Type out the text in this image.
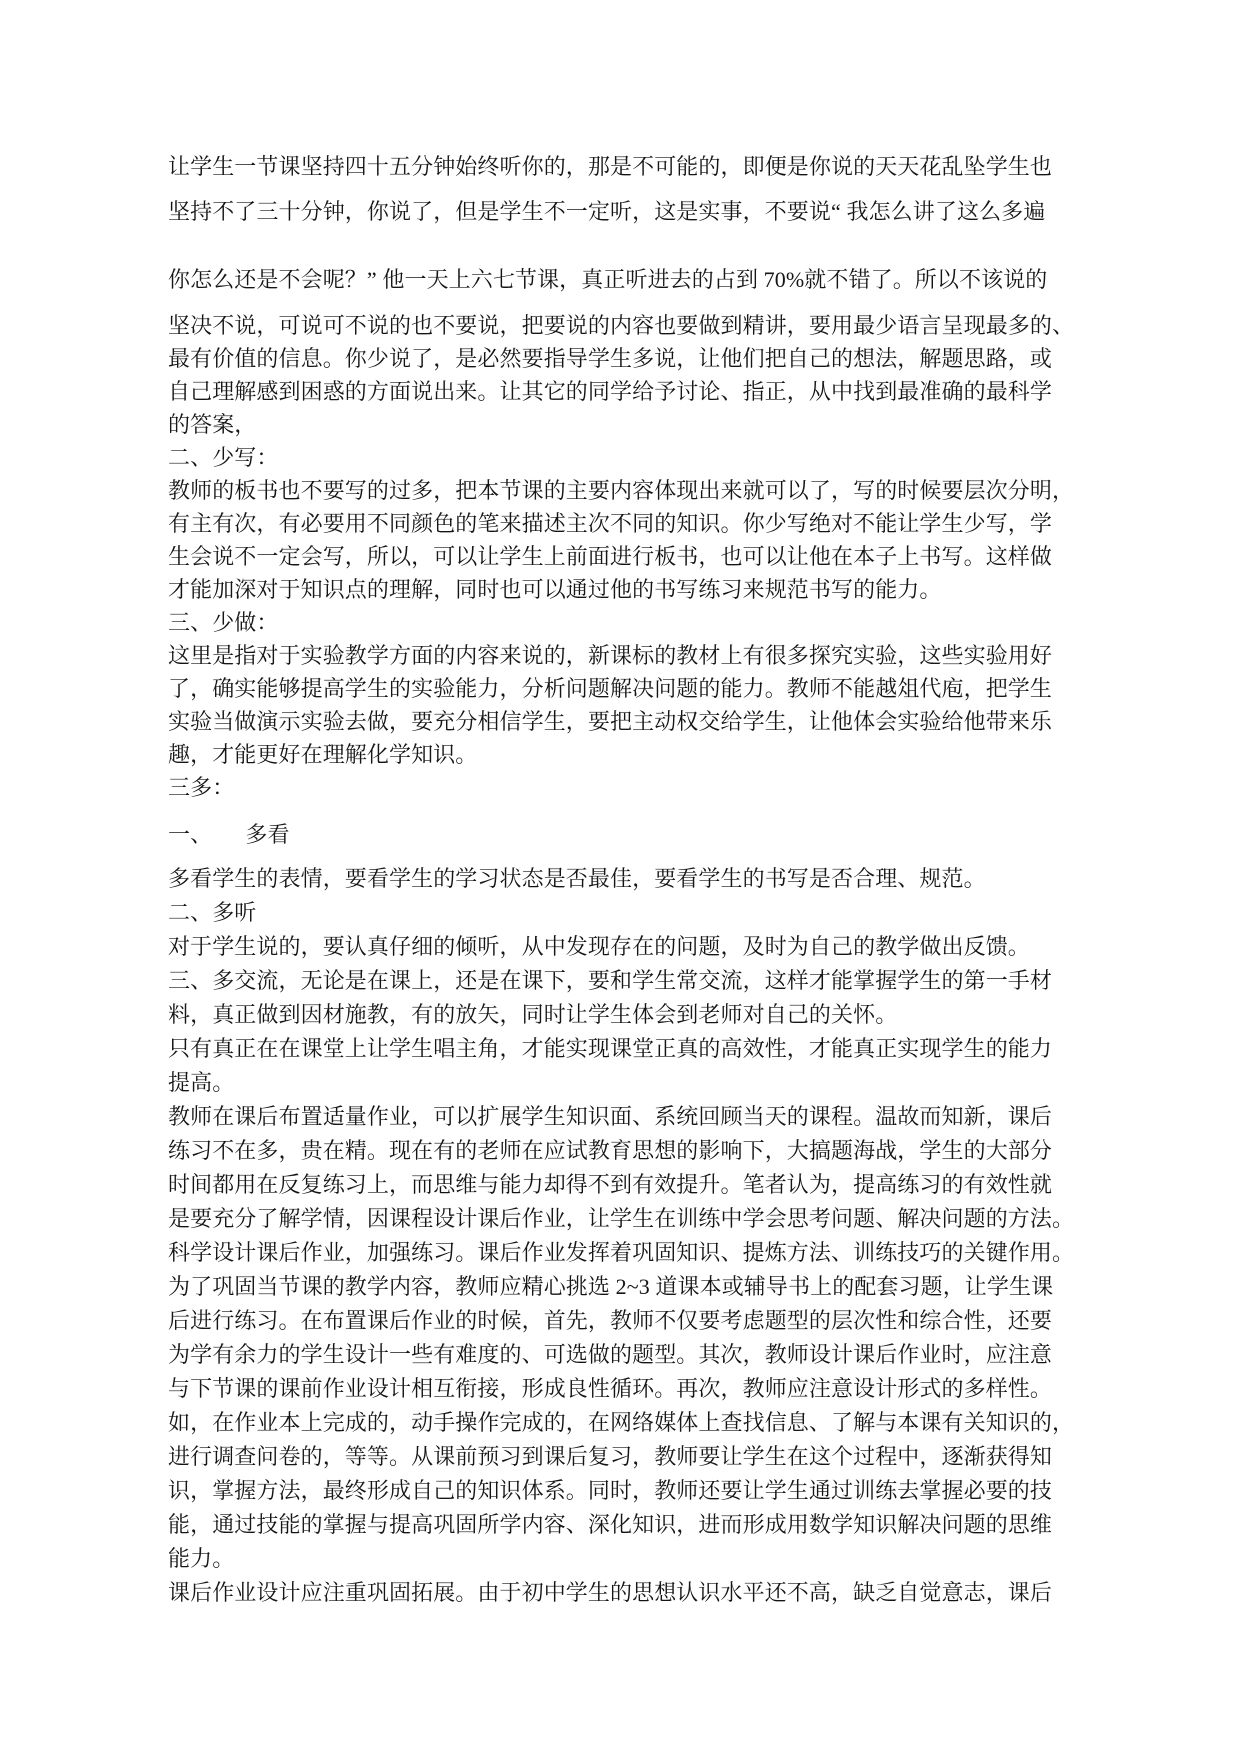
让学生一节课坚持四十五分钟始终听你的，那是不可能的，即便是你说的天天花乱坠学生也
坚持不了三十分钟，你说了，但是学生不一定听，这是实事，不要说“ 我怎么讲了这么多遍
你怎么还是不会呢？” 他一天上六七节课，真正听进去的占到 70%就不错了。所以不该说的
坚决不说，可说可不说的也不要说，把要说的内容也要做到精讲，要用最少语言呈现最多的、
最有价值的信息。你少说了，是必然要指导学生多说，让他们把自己的想法，解题思路，或
自己理解感到困惑的方面说出来。让其它的同学给予讨论、指正，从中找到最准确的最科学
的答案，
二、少写：
教师的板书也不要写的过多，把本节课的主要内容体现出来就可以了，写的时候要层次分明，
有主有次，有必要用不同颜色的笔来描述主次不同的知识。你少写绝对不能让学生少写，学
生会说不一定会写，所以，可以让学生上前面进行板书，也可以让他在本子上书写。这样做
才能加深对于知识点的理解，同时也可以通过他的书写练习来规范书写的能力。
三、少做：
这里是指对于实验教学方面的内容来说的，新课标的教材上有很多探究实验，这些实验用好
了，确实能够提高学生的实验能力，分析问题解决问题的能力。教师不能越俎代庖，把学生
实验当做演示实验去做，要充分相信学生，要把主动权交给学生，让他体会实验给他带来乐
趣，才能更好在理解化学知识。
三多：
一、　　多看
多看学生的表情，要看学生的学习状态是否最佳，要看学生的书写是否合理、规范。
二、多听
对于学生说的，要认真仔细的倾听，从中发现存在的问题，及时为自己的教学做出反馈。
三、多交流，无论是在课上，还是在课下，要和学生常交流，这样才能掌握学生的第一手材
料，真正做到因材施教，有的放矢，同时让学生体会到老师对自己的关怀。
只有真正在在课堂上让学生唱主角，才能实现课堂正真的高效性，才能真正实现学生的能力
提高。
教师在课后布置适量作业，可以扩展学生知识面、系统回顾当天的课程。温故而知新，课后
练习不在多，贵在精。现在有的老师在应试教育思想的影响下，大搞题海战，学生的大部分
时间都用在反复练习上，而思维与能力却得不到有效提升。笔者认为，提高练习的有效性就
是要充分了解学情，因课程设计课后作业，让学生在训练中学会思考问题、解决问题的方法。
科学设计课后作业，加强练习。课后作业发挥着巩固知识、提炼方法、训练技巧的关键作用。
为了巩固当节课的教学内容，教师应精心挑选 2~3 道课本或辅导书上的配套习题，让学生课
后进行练习。在布置课后作业的时候，首先，教师不仅要考虑题型的层次性和综合性，还要
为学有余力的学生设计一些有难度的、可选做的题型。其次，教师设计课后作业时，应注意
与下节课的课前作业设计相互衔接，形成良性循环。再次，教师应注意设计形式的多样性。
如，在作业本上完成的，动手操作完成的，在网络媒体上查找信息、了解与本课有关知识的，
进行调查问卷的，等等。从课前预习到课后复习，教师要让学生在这个过程中，逐渐获得知
识，掌握方法，最终形成自己的知识体系。同时，教师还要让学生通过训练去掌握必要的技
能，通过技能的掌握与提高巩固所学内容、深化知识，进而形成用数学知识解决问题的思维
能力。
课后作业设计应注重巩固拓展。由于初中学生的思想认识水平还不高，缺乏自觉意志，课后
